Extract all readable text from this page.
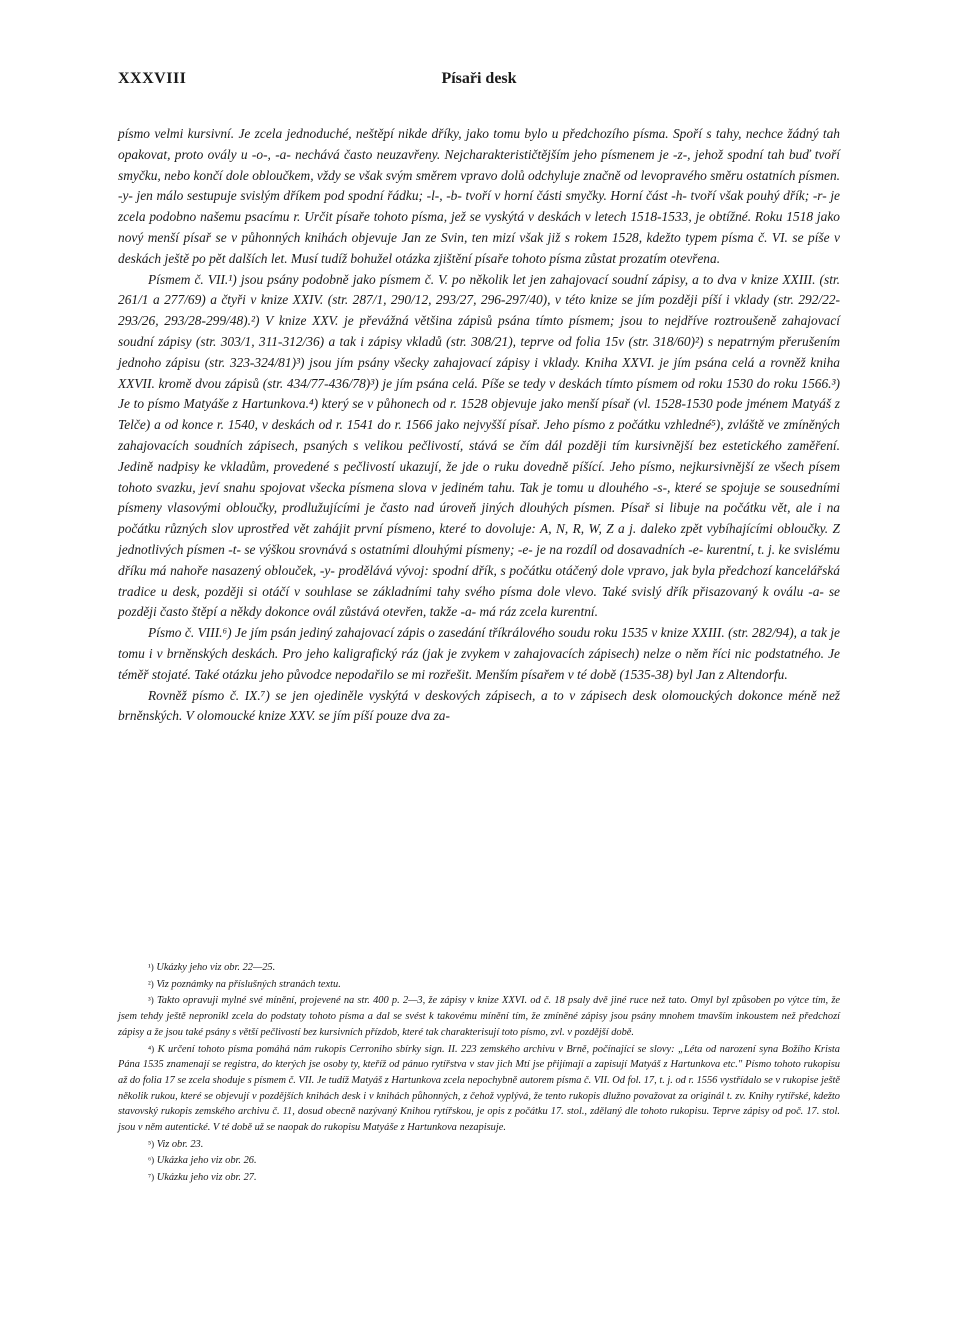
Písaři desk
XXXVIII

písmo velmi kursivní. Je zcela jednoduché, neštěpí nikde dříky, jako tomu bylo u předchozího písma. Spoří s tahy, nechce žádný tah opakovat, proto ovály u -o-, -a- nechává často neuzavřeny. Nejcharakterističtějším jeho písmenem je -z-, jehož spodní tah buď tvoří smyčku, nebo končí dole obloučkem, vždy se však svým směrem vpravo dolů odchyluje značně od levopravého směru ostatních písmen. -y- jen málo sestupuje svislým dříkem pod spodní řádku; -l-, -b- tvoří v horní části smyčky. Horní část -h- tvoří však pouhý dřík; -r- je zcela podobno našemu psacímu r. Určit písaře tohoto písma, jež se vyskýtá v deskách v letech 1518-1533, je obtížné. Roku 1518 jako nový menší písař se v půhonných knihách objevuje Jan ze Svin, ten mizí však již s rokem 1528, kdežto typem písma č. VI. se píše v deskách ještě po pět dalších let. Musí tudíž bohužel otázka zjištění písaře tohoto písma zůstat prozatím otevřena.

Písmem č. VII.¹) jsou psány podobně jako písmem č. V. po několik let jen zahajovací soudní zápisy, a to dva v knize XXIII. (str. 261/1 a 277/69) a čtyři v knize XXIV. (str. 287/1, 290/12, 293/27, 296-297/40), v této knize se jím později píší i vklady (str. 292/22-293/26, 293/28-299/48).²) V knize XXV. je převážná většina zápisů psána tímto písmem; jsou to nejdříve roztroušeně zahajovací soudní zápisy (str. 303/1, 311-312/36) a tak i zápisy vkladů (str. 308/21), teprve od folia 15v (str. 318/60)²) s nepatrným přerušením jednoho zápisu (str. 323-324/81)³) jsou jím psány všecky zahajovací zápisy i vklady. Kniha XXVI. je jím psána celá a rovněž kniha XXVII. kromě dvou zápisů (str. 434/77-436/78)³) je jím psána celá. Píše se tedy v deskách tímto písmem od roku 1530 do roku 1566.³) Je to písmo Matyáše z Hartunkova.⁴) který se v půhonech od r. 1528 objevuje jako menší písař (vl. 1528-1530 pode jménem Matyáš z Telče) a od konce r. 1540, v deskách od r. 1541 do r. 1566 jako nejvyšší písař. Jeho písmo z počátku vzhledné⁵), zvláště ve zmíněných zahajovacích soudních zápisech, psaných s velikou pečlivostí, stává se čím dál později tím kursivnější bez estetického zaměření. Jedině nadpisy ke vkladům, provedené s pečlivostí ukazují, že jde o ruku dovedně píšící. Jeho písmo, nejkursivnější ze všech písem tohoto svazku, jeví snahu spojovat všecka písmena slova v jediném tahu. Tak je tomu u dlouhého -s-, které se spojuje se sousedními písmeny vlasovými obloučky, prodlužujícími je často nad úroveň jiných dlouhých písmen. Písař si libuje na počátku vět, ale i na počátku různých slov uprostřed vět zahájit první písmeno, které to dovoluje: A, N, R, W, Z a j. daleko zpět vybíhajícími obloučky. Z jednotlivých písmen -t- se výškou srovnává s ostatními dlouhými písmeny; -e- je na rozdíl od dosavadních -e- kurentní, t. j. ke svislému dříku má nahoře nasazený oblouček, -y- prodělává vývoj: spodní dřík, s počátku otáčený dole vpravo, jak byla předchozí kancelářská tradice u desk, později si otáčí v souhlase se základními tahy svého písma dole vlevo. Také svislý dřík přisazovaný k oválu -a- se později často štěpí a někdy dokonce ovál zůstává otevřen, takže -a- má ráz zcela kurentní.

Písmo č. VIII.⁶) Je jím psán jediný zahajovací zápis o zasedání tříkrálového soudu roku 1535 v knize XXIII. (str. 282/94), a tak je tomu i v brněnských deskách. Pro jeho kaligrafický ráz (jak je zvykem v zahajovacích zápisech) nelze o něm říci nic podstatného. Je téměř stojaté. Také otázku jeho původce nepodařilo se mi rozřešit. Menším písařem v té době (1535-38) byl Jan z Altendorfu.

Rovněž písmo č. IX.⁷) se jen ojediněle vyskýtá v deskových zápisech, a to v zápisech desk olomouckých dokonce méně než brněnských. V olomoucké knize XXV. se jím píší pouze dva za-

¹) Ukázky jeho viz obr. 22—25.

²) Viz poznámky na příslušných stranách textu.

³) Takto opravuji mylné své mínění, projevené na str. 400 p. 2—3, že zápisy v knize XXVI. od č. 18 psaly dvě jiné ruce než tato. Omyl byl způsoben po výtce tím, že jsem tehdy ještě nepronikl zcela do podstaty tohoto písma a dal se svést k takovému mínění tím, že zmíněné zápisy jsou psány mnohem tmavším inkoustem než předchozí zápisy a že jsou také psány s větší pečlivostí bez kursivních přízdob, které tak charakterisují toto písmo, zvl. v pozdější době.

⁴) K určení tohoto písma pomáhá nám rukopis Cerroniho sbírky sign. II. 223 zemského archivu v Brně, počínající se slovy: „Léta od narození syna Božího Krista Pána 1535 znamenají se registra, do kterých jse osoby ty, kteříž od pánuo rytířstva v stav jich Mtí jse přijímají a zapisují Matyáš z Hartunkova etc." Písmo tohoto rukopisu až do folia 17 se zcela shoduje s písmem č. VII. Je tudíž Matyáš z Hartunkova zcela nepochybně autorem písma č. VII. Od fol. 17, t. j. od r. 1556 vystřídalo se v rukopise ještě několik rukou, které se objevují v pozdějších knihách desk i v knihách půhonných, z čehož vyplývá, že tento rukopis dlužno považovat za originál t. zv. Knihy rytířské, kdežto stavovský rukopis zemského archivu č. 11, dosud obecně nazývaný Knihou rytířskou, je opis z počátku 17. stol., zdělaný dle tohoto rukopisu. Teprve zápisy od poč. 17. stol. jsou v něm autentické. V té době už se naopak do rukopisu Matyáše z Hartunkova nezapisuje.

⁵) Viz obr. 23.

⁶) Ukázka jeho viz obr. 26.

⁷) Ukázku jeho viz obr. 27.
